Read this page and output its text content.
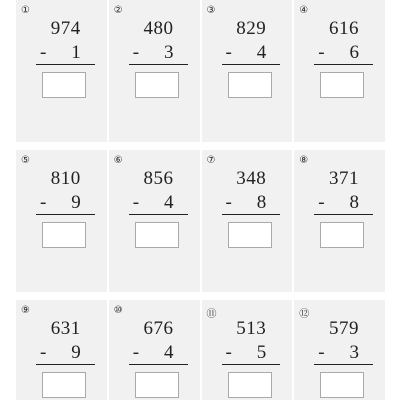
①
974
- 1
②
480
- 3
③
829
- 4
④
616
- 6
⑤
810
- 9
⑥
856
- 4
⑦
348
- 8
⑧
371
- 8
⑨
631
- 9
⑩
676
- 4
⑪
513
- 5
⑫
579
- 3
